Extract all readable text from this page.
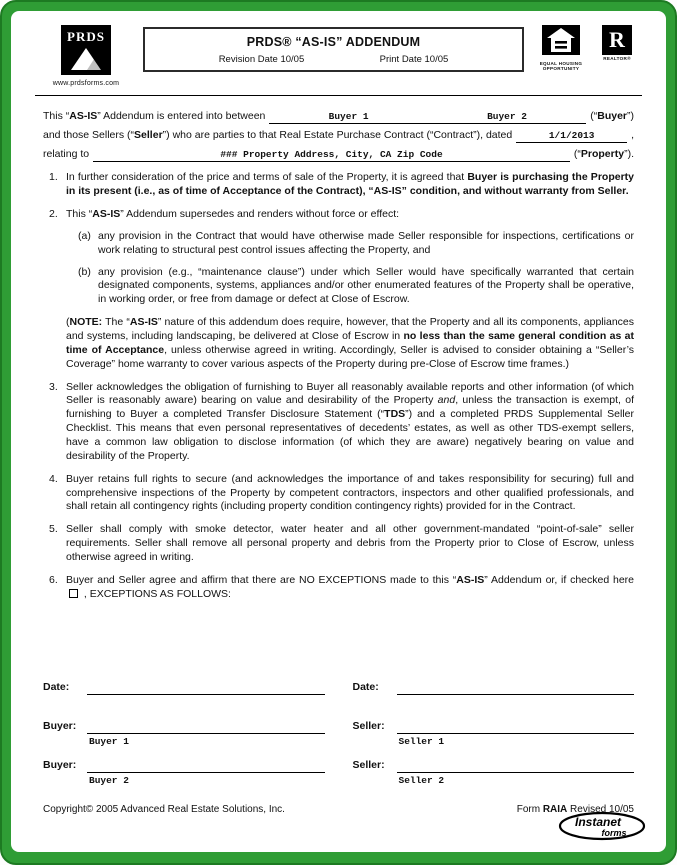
PRDS
www.prdsforms.com
PRDS® “AS-IS” ADDENDUM
Revision Date 10/05	Print Date 10/05	EQUAL HOUSING OPPORTUNITY
R
REALTOR®
This “AS-IS” Addendum is entered into between	Buyer 1	Buyer 2	(“Buyer”)
and those Sellers (“Seller”) who are parties to that Real Estate Purchase Contract (“Contract”), dated	1/1/2013	,
relating to	### Property Address, City, CA Zip Code	(“Property”).
1. In further consideration of the price and terms of sale of the Property, it is agreed that Buyer is purchasing the Property in its present (i.e., as of time of Acceptance of the Contract), “AS-IS” condition, and without warranty from Seller.
2. This “AS-IS” Addendum supersedes and renders without force or effect:
(a) any provision in the Contract that would have otherwise made Seller responsible for inspections, certifications or work relating to structural pest control issues affecting the Property, and
(b) any provision (e.g., “maintenance clause”) under which Seller would have specifically warranted that certain designated components, systems, appliances and/or other enumerated features of the Property shall be operative, in working order, or free from damage or defect at Close of Escrow.
(NOTE: The “AS-IS” nature of this addendum does require, however, that the Property and all its components, appliances and systems, including landscaping, be delivered at Close of Escrow in no less than the same general condition as at time of Acceptance, unless otherwise agreed in writing. Accordingly, Seller is advised to consider obtaining a “Seller’s Coverage” home warranty to cover various aspects of the Property during pre-Close of Escrow time frames.)
3. Seller acknowledges the obligation of furnishing to Buyer all reasonably available reports and other information (of which Seller is reasonably aware) bearing on value and desirability of the Property and, unless the transaction is exempt, of furnishing to Buyer a completed Transfer Disclosure Statement (“TDS”) and a completed PRDS Supplemental Seller Checklist. This means that even personal representatives of decedents’ estates, as well as other TDS-exempt sellers, have a common law obligation to disclose information (of which they are aware) negatively bearing on value and desirability of the Property.
4. Buyer retains full rights to secure (and acknowledges the importance of and takes responsibility for securing) full and comprehensive inspections of the Property by competent contractors, inspectors and other qualified professionals, and shall retain all contingency rights (including property condition contingency rights) provided for in the Contract.
5. Seller shall comply with smoke detector, water heater and all other government-mandated “point-of-sale” seller requirements. Seller shall remove all personal property and debris from the Property prior to Close of Escrow, unless otherwise agreed in writing.
6. Buyer and Seller agree and affirm that there are NO EXCEPTIONS made to this “AS-IS” Addendum or, if checked here  , EXCEPTIONS AS FOLLOWS:
Date:
Buyer:
Buyer 1
Buyer:
Buyer 2
Date:
Seller:
Seller 1
Seller:
Seller 2
Copyright© 2005 Advanced Real Estate Solutions, Inc.	Form RAIA Revised 10/05
Instanet
forms
